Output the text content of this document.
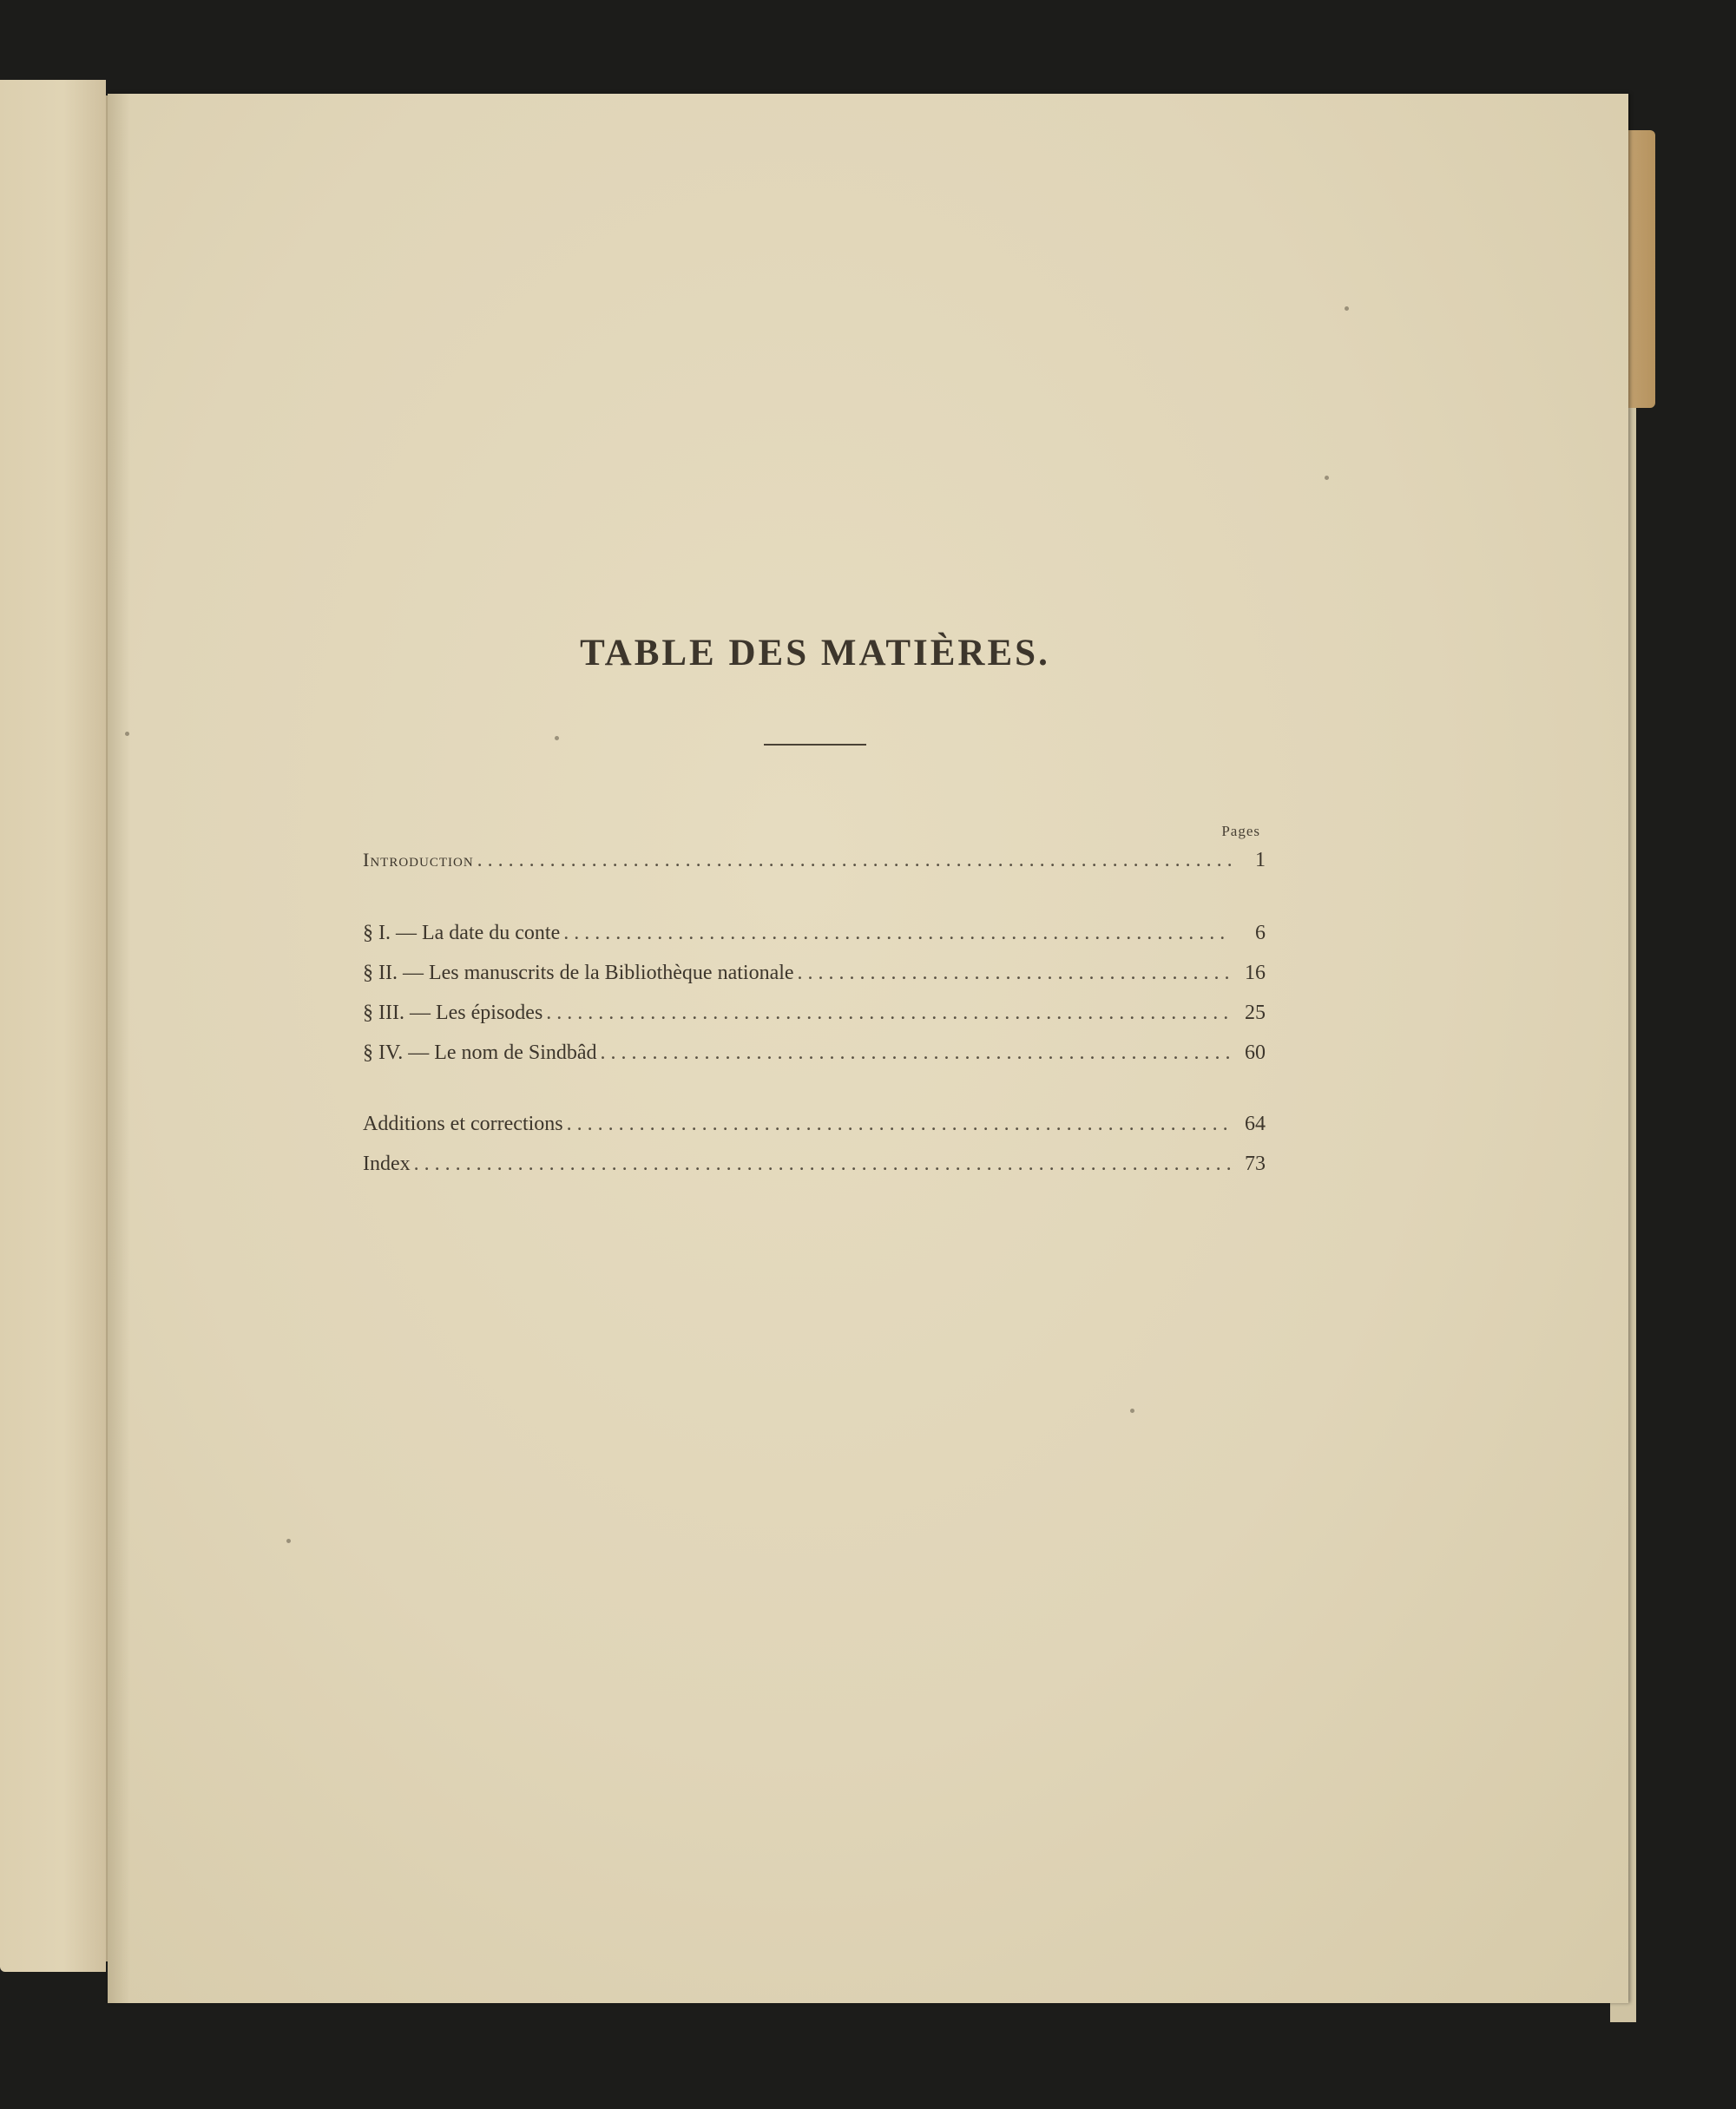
TABLE DES MATIÈRES.
Pages
Introduction . . .	1
§ I. — La date du conte . . .	6
§ II. — Les manuscrits de la Bibliothèque nationale . . .	16
§ III. — Les épisodes . . .	25
§ IV. — Le nom de Sindbâd . . .	60
Additions et corrections . . .	64
Index . . .	73
